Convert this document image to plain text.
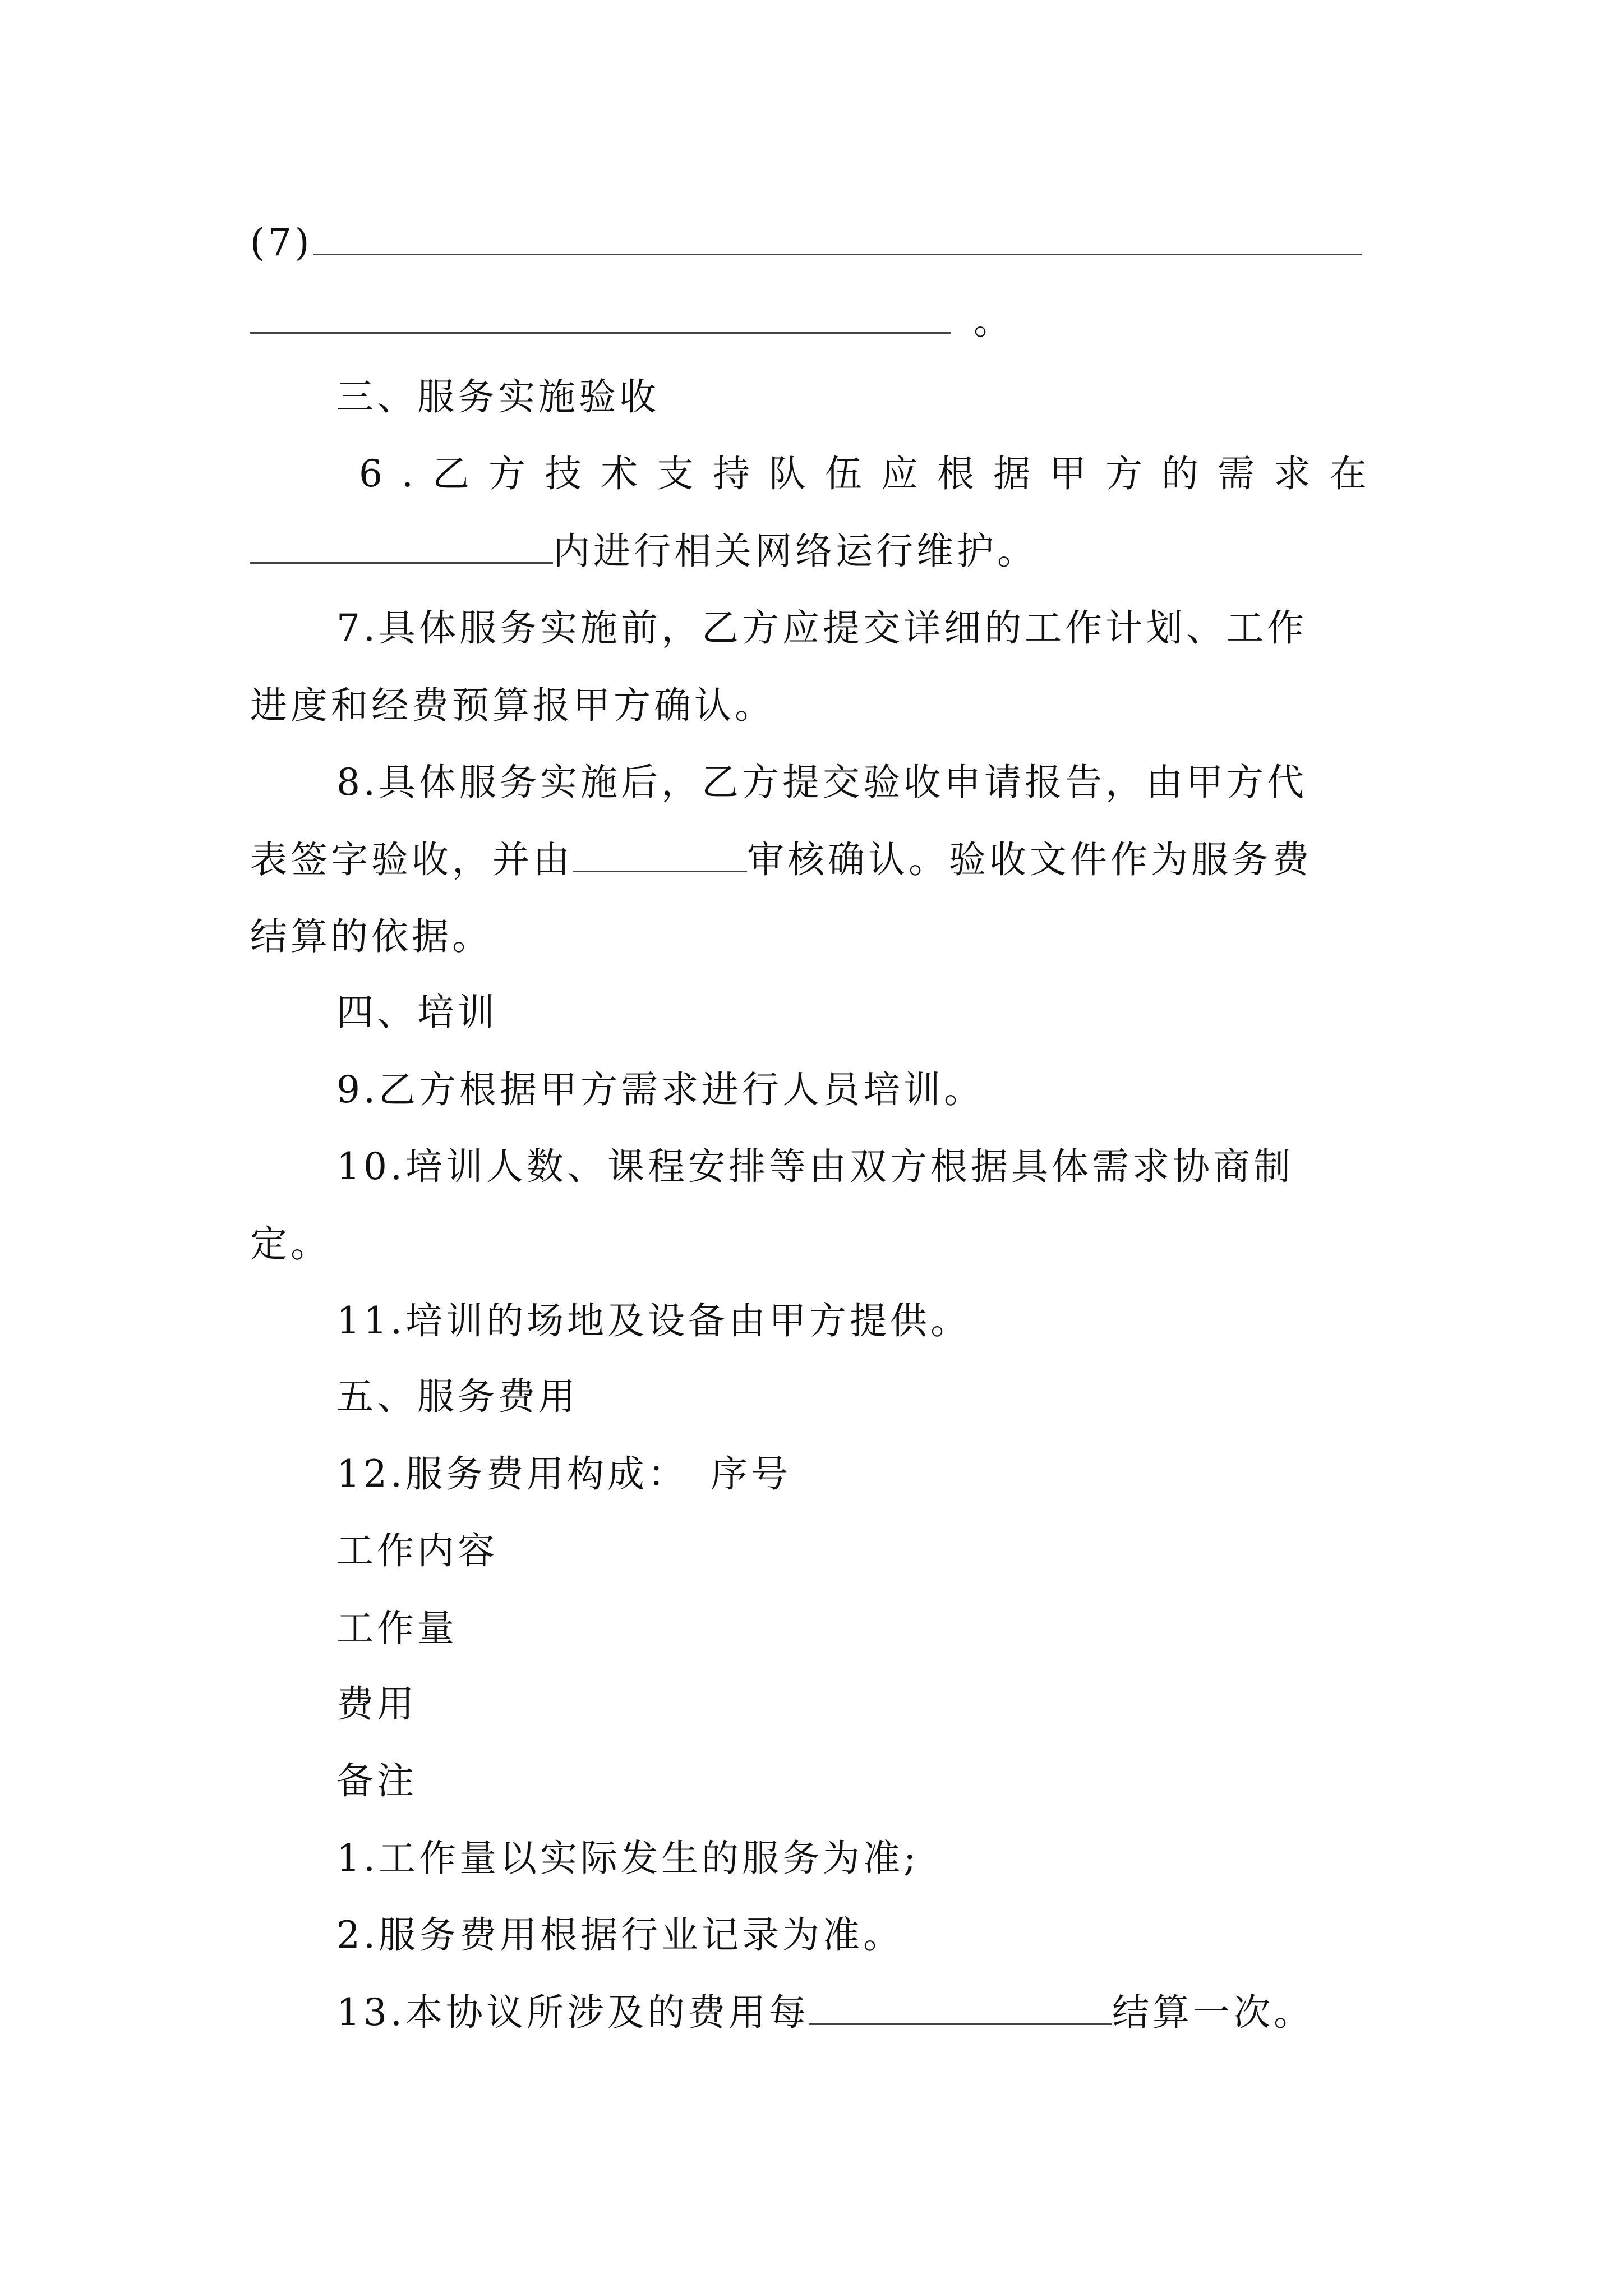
(7)
。
三、服务实施验收
6.乙方技术支持队伍应根据甲方的需求在
内进行相关网络运行维护。
7.具体服务实施前，乙方应提交详细的工作计划、工作
进度和经费预算报甲方确认。
8.具体服务实施后，乙方提交验收申请报告，由甲方代
表签字验收，并由	审核确认。验收文件作为服务费
结算的依据。
四、培训
9.乙方根据甲方需求进行人员培训。
10.培训人数、课程安排等由双方根据具体需求协商制
定。
11.培训的场地及设备由甲方提供。
五、服务费用
12.服务费用构成： 序号
工作内容
工作量
费用
备注
1.工作量以实际发生的服务为准;
2.服务费用根据行业记录为准。
13.本协议所涉及的费用每	结算一次。
